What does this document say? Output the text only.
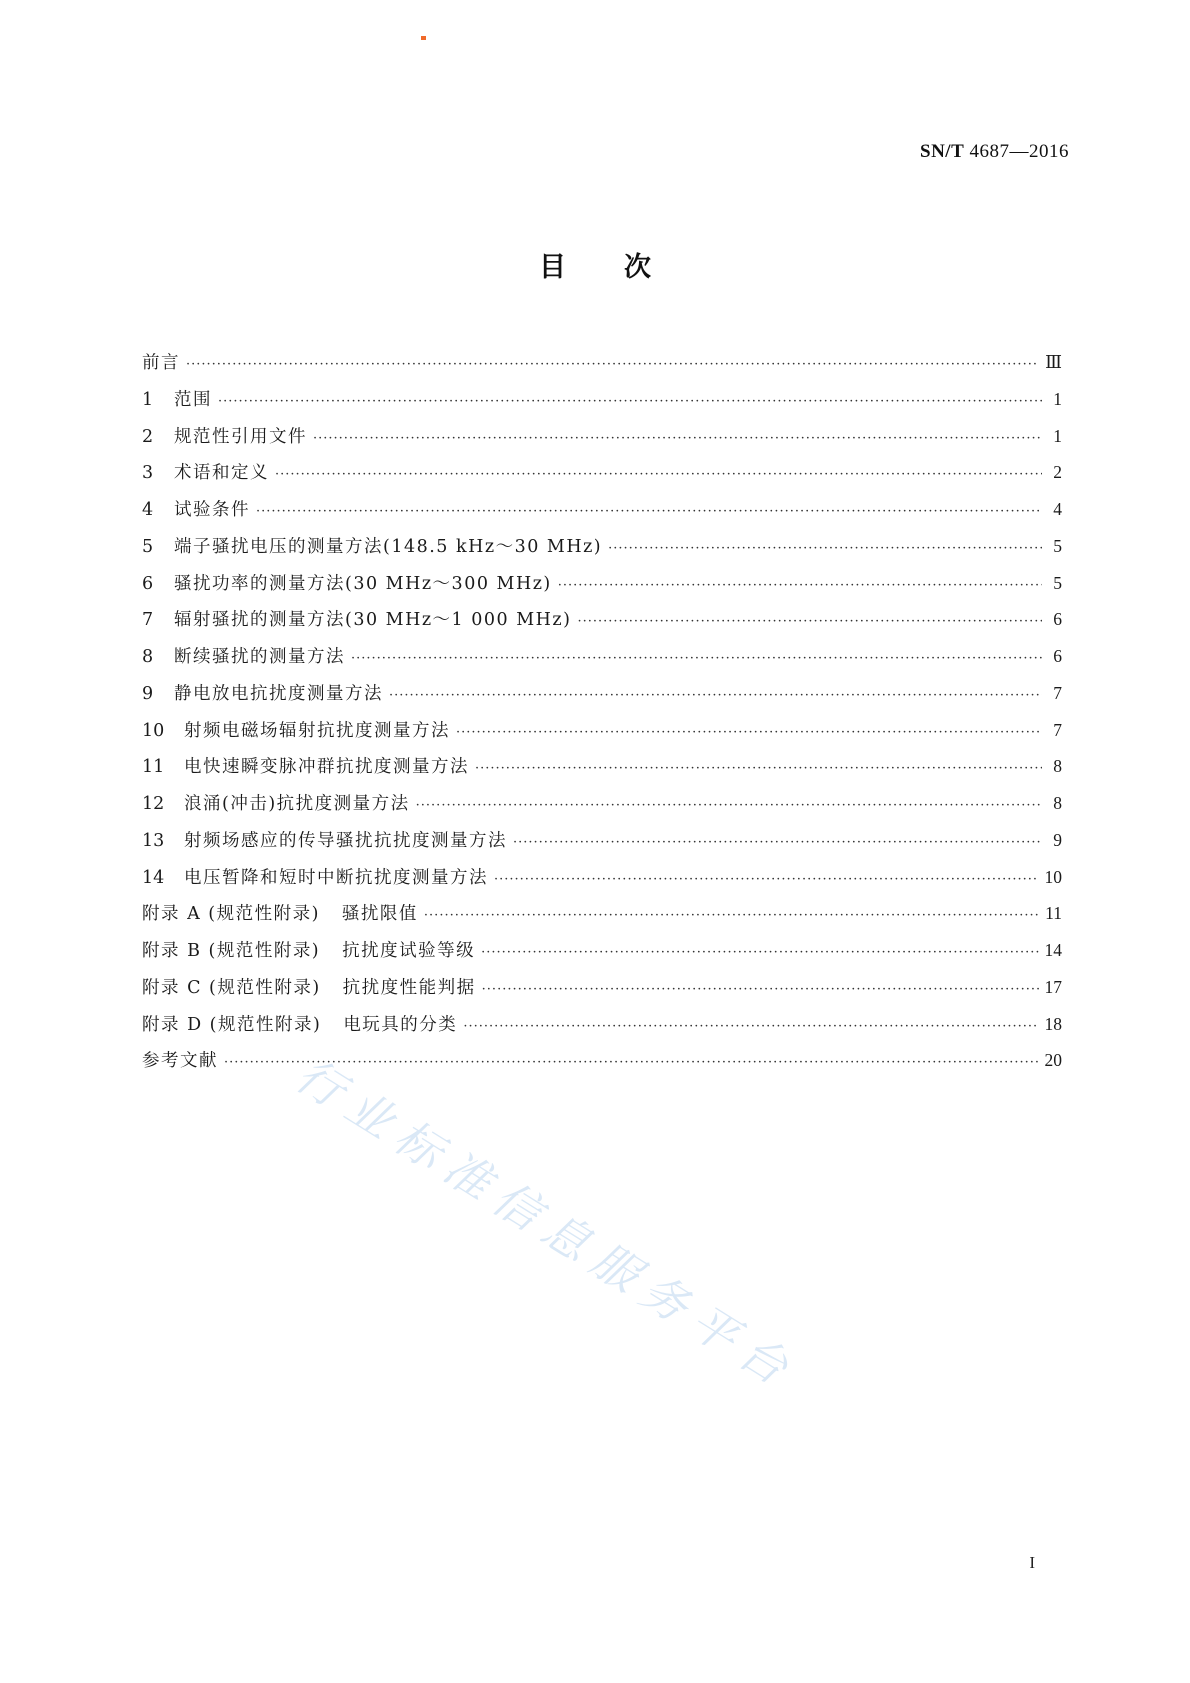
SN/T 4687—2016
目次
前言 ·····	Ⅲ
1	范围 ·····	1
2	规范性引用文件 ·····	1
3	术语和定义 ·····	2
4	试验条件 ·····	4
5	端子骚扰电压的测量方法(148.5 kHz～30 MHz) ·····	5
6	骚扰功率的测量方法(30 MHz～300 MHz) ·····	5
7	辐射骚扰的测量方法(30 MHz～1 000 MHz) ·····	6
8	断续骚扰的测量方法 ·····	6
9	静电放电抗扰度测量方法 ·····	7
10	射频电磁场辐射抗扰度测量方法 ·····	7
11	电快速瞬变脉冲群抗扰度测量方法 ·····	8
12	浪涌(冲击)抗扰度测量方法 ·····	8
13	射频场感应的传导骚扰抗扰度测量方法 ·····	9
14	电压暂降和短时中断抗扰度测量方法 ·····	10
附录 A (规范性附录) 骚扰限值 ·····	11
附录 B (规范性附录) 抗扰度试验等级 ·····	14
附录 C (规范性附录) 抗扰度性能判据 ·····	17
附录 D (规范性附录) 电玩具的分类 ·····	18
参考文献 ·····	20
行业标准信息服务平台
I
